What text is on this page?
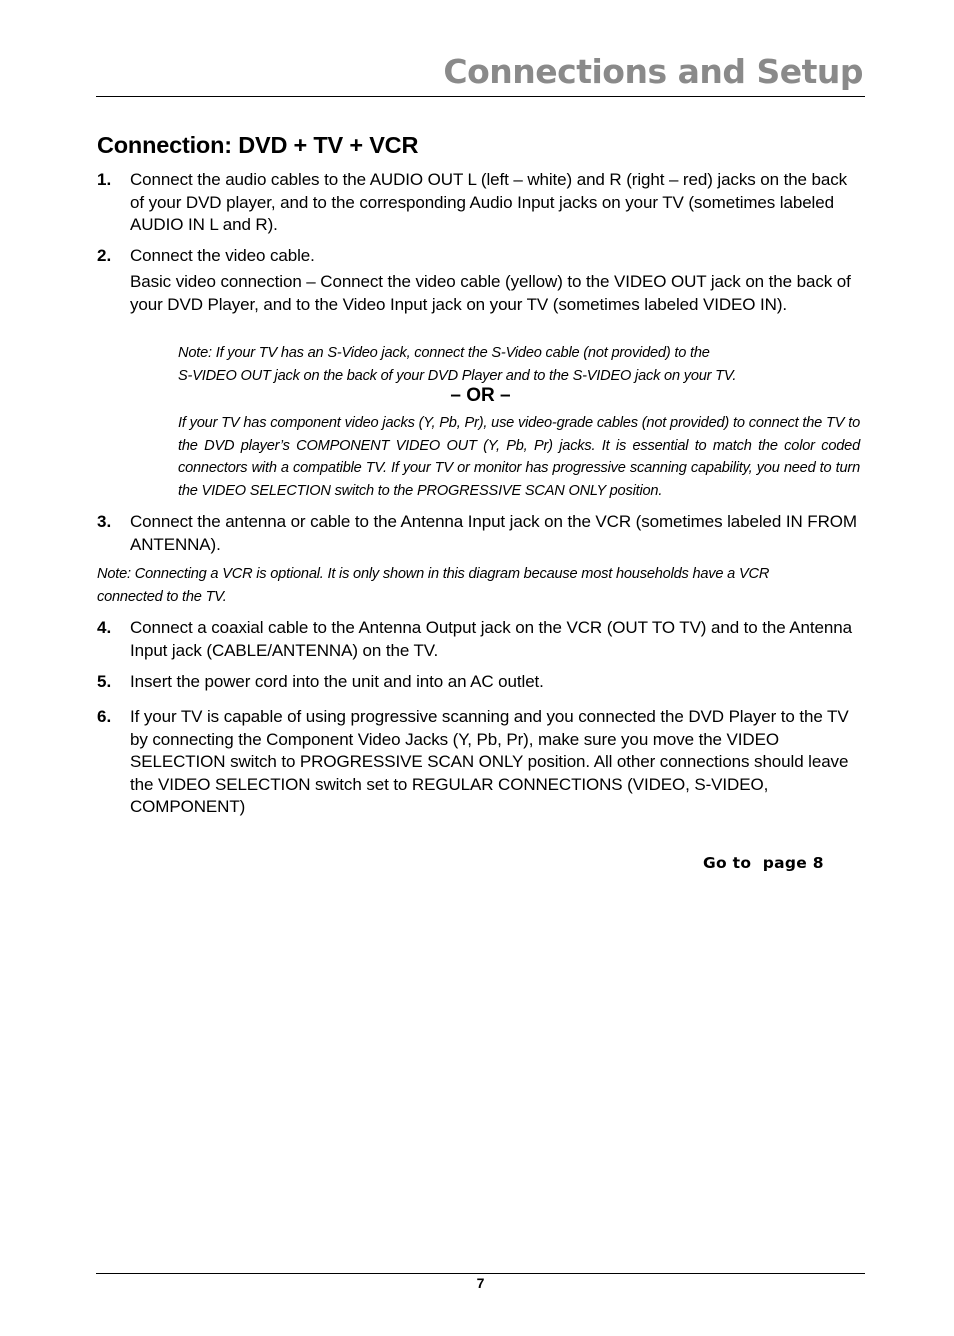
Connections and Setup
Connection: DVD + TV + VCR
1. Connect the audio cables to the AUDIO OUT L (left – white) and R (right – red) jacks on the back of your DVD player, and to the corresponding Audio Input jacks on your TV (sometimes labeled AUDIO IN L and R).
2. Connect the video cable.
Basic video connection – Connect the video cable (yellow) to the VIDEO OUT jack on the back of your DVD Player, and to the Video Input jack on your TV (sometimes labeled VIDEO IN).
Note: If your TV has an S-Video jack, connect the S-Video cable (not provided) to the
S-VIDEO OUT jack on the back of your DVD Player and to the S-VIDEO jack on your TV.
– OR –
If your TV has component video jacks (Y, Pb, Pr), use video-grade cables (not provided) to connect the TV to the DVD player’s COMPONENT VIDEO OUT (Y, Pb, Pr) jacks. It is essential to match the color coded connectors with a compatible TV. If your TV or monitor has progressive scanning capability, you need to turn the VIDEO SELECTION switch to the PROGRESSIVE SCAN ONLY position.
3. Connect the antenna or cable to the Antenna Input jack on the VCR (sometimes labeled IN FROM ANTENNA).
Note: Connecting a VCR is optional. It is only shown in this diagram because most households have a VCR connected to the TV.
4. Connect a coaxial cable to the Antenna Output jack on the VCR (OUT TO TV) and to the Antenna Input jack (CABLE/ANTENNA) on the TV.
5. Insert the power cord into the unit and into an AC outlet.
6. If your TV is capable of using progressive scanning and you connected the DVD Player to the TV by connecting the Component Video Jacks (Y, Pb, Pr), make sure you move the VIDEO SELECTION switch to PROGRESSIVE SCAN ONLY position. All other connections should leave the VIDEO SELECTION switch set to REGULAR CONNECTIONS (VIDEO, S-VIDEO, COMPONENT)
Go to  page 8
7
